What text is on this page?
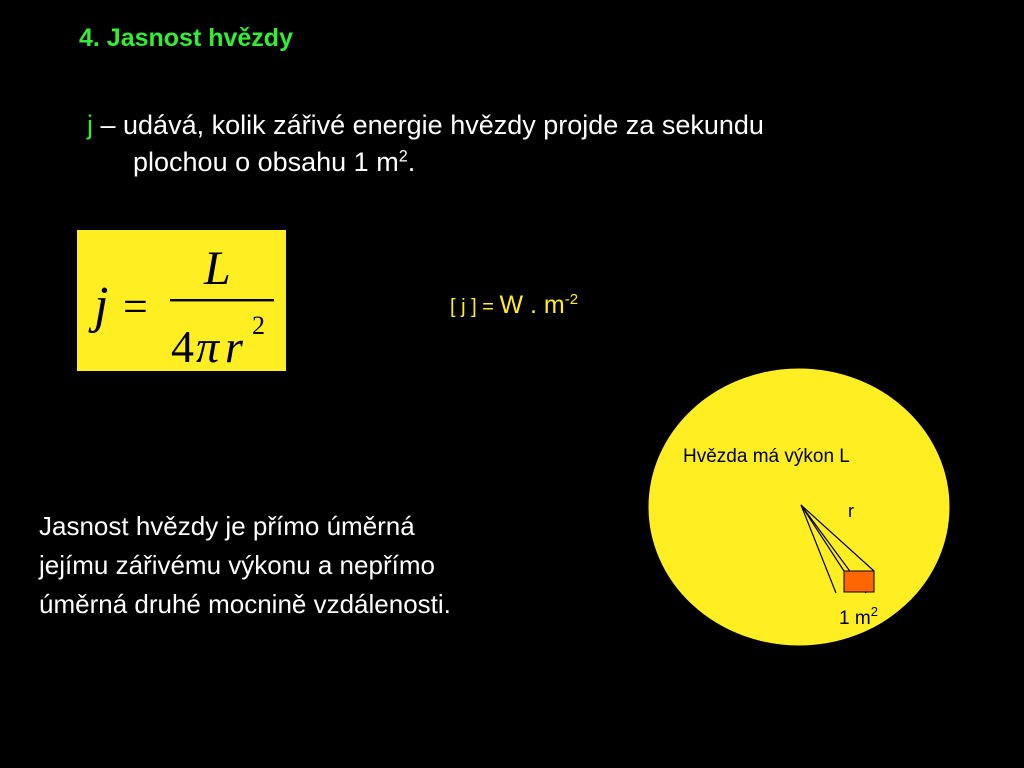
4. Jasnost hvězdy
j – udává, kolik zářivé energie hvězdy projde za sekundu
plochou o obsahu 1 $m^2$.
j =
L
4 π r 2
[ j ] = W . $m^{-2}$
Jasnost hvězdy je přímo úměrná
jejímu zářivému výkonu a nepřímo
úměrná druhé mocnině vzdálenosti.
Hvězda má výkon L
r
1 $m^2$
